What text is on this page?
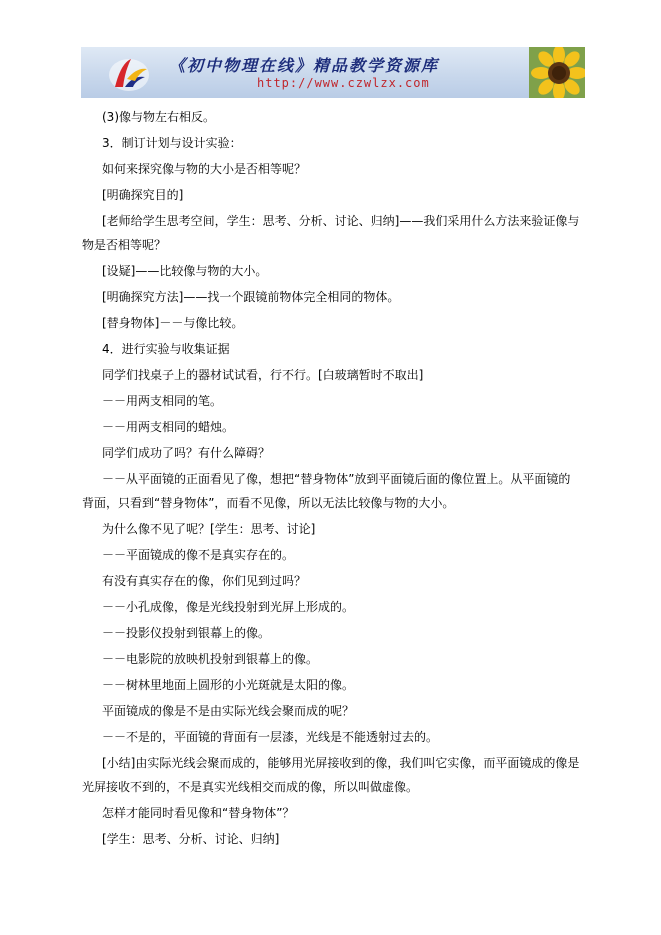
《初中物理在线》精品教学资源库
http://www.czwlzx.com

(3)像与物左右相反。

3．制订计划与设计实验：

如何来探究像与物的大小是否相等呢？

[明确探究目的]

[老师给学生思考空间，学生：思考、分析、讨论、归纳]——我们采用什么方法来验证像与物是否相等呢？

[设疑]——比较像与物的大小。

[明确探究方法]——找一个跟镜前物体完全相同的物体。

[替身物体]－－与像比较。

4．进行实验与收集证据

同学们找桌子上的器材试试看，行不行。[白玻璃暂时不取出]

－－用两支相同的笔。

－－用两支相同的蜡烛。

同学们成功了吗？有什么障碍？

－－从平面镜的正面看见了像，想把“替身物体”放到平面镜后面的像位置上。从平面镜的背面，只看到“替身物体”，而看不见像，所以无法比较像与物的大小。

为什么像不见了呢？[学生：思考、讨论]

－－平面镜成的像不是真实存在的。

有没有真实存在的像，你们见到过吗？

－－小孔成像，像是光线投射到光屏上形成的。

－－投影仪投射到银幕上的像。

－－电影院的放映机投射到银幕上的像。

－－树林里地面上圆形的小光斑就是太阳的像。

平面镜成的像是不是由实际光线会聚而成的呢？

－－不是的，平面镜的背面有一层漆，光线是不能透射过去的。

[小结]由实际光线会聚而成的，能够用光屏接收到的像，我们叫它实像，而平面镜成的像是光屏接收不到的，不是真实光线相交而成的像，所以叫做虚像。

怎样才能同时看见像和“替身物体”？

[学生：思考、分析、讨论、归纳]
